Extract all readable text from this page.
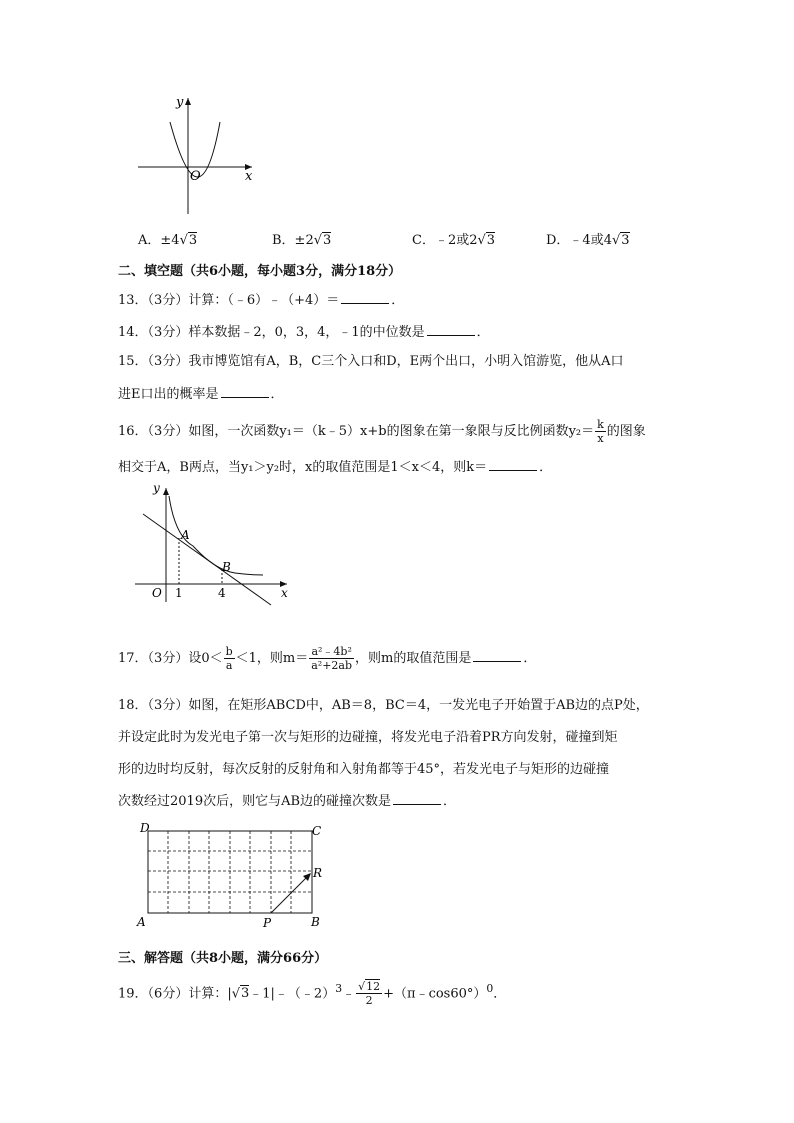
y
x
O
A．±4√3	B．±2√3	C．﹣2或2√3	D．﹣4或4√3
二、填空题（共6小题，每小题3分，满分18分）
13．（3分）计算：（﹣6）﹣（+4）＝	．
14．（3分）样本数据﹣2，0，3，4，﹣1的中位数是	．
15．（3分）我市博览馆有A，B，C三个入口和D，E两个出口，小明入馆游览，他从A口
进E口出的概率是	．
16．（3分）如图，一次函数y₁＝（k﹣5）x+b的图象在第一象限与反比例函数$y_2= \frac{k}{x}$ 的图象
相交于A，B两点，当y₁＞y₂时，x的取值范围是1＜x＜4，则k＝	．
y
x
O
A
B
1	4
17．（3分）设$0< \frac{b}{a} <1$，则$m= \frac{\text{a²﹣4b²}}{\text{a²+2ab}}$ ，则m的取值范围是	．
18．（3分）如图，在矩形ABCD中，AB＝8，BC＝4，一发光电子开始置于AB边的点P处，
并设定此时为发光电子第一次与矩形的边碰撞，将发光电子沿着PR方向发射，碰撞到矩
形的边时均反射，每次反射的反射角和入射角都等于45°，若发光电子与矩形的边碰撞
次数经过2019次后，则它与AB边的碰撞次数是	．
D	C
A	B
P
R
三、解答题（共8小题，满分66分）
19．（6分）计算：|√3﹣1|﹣（﹣2）$^3$﹣ $\frac{√12}{2}$ +（π﹣cos60°）$^0$．
